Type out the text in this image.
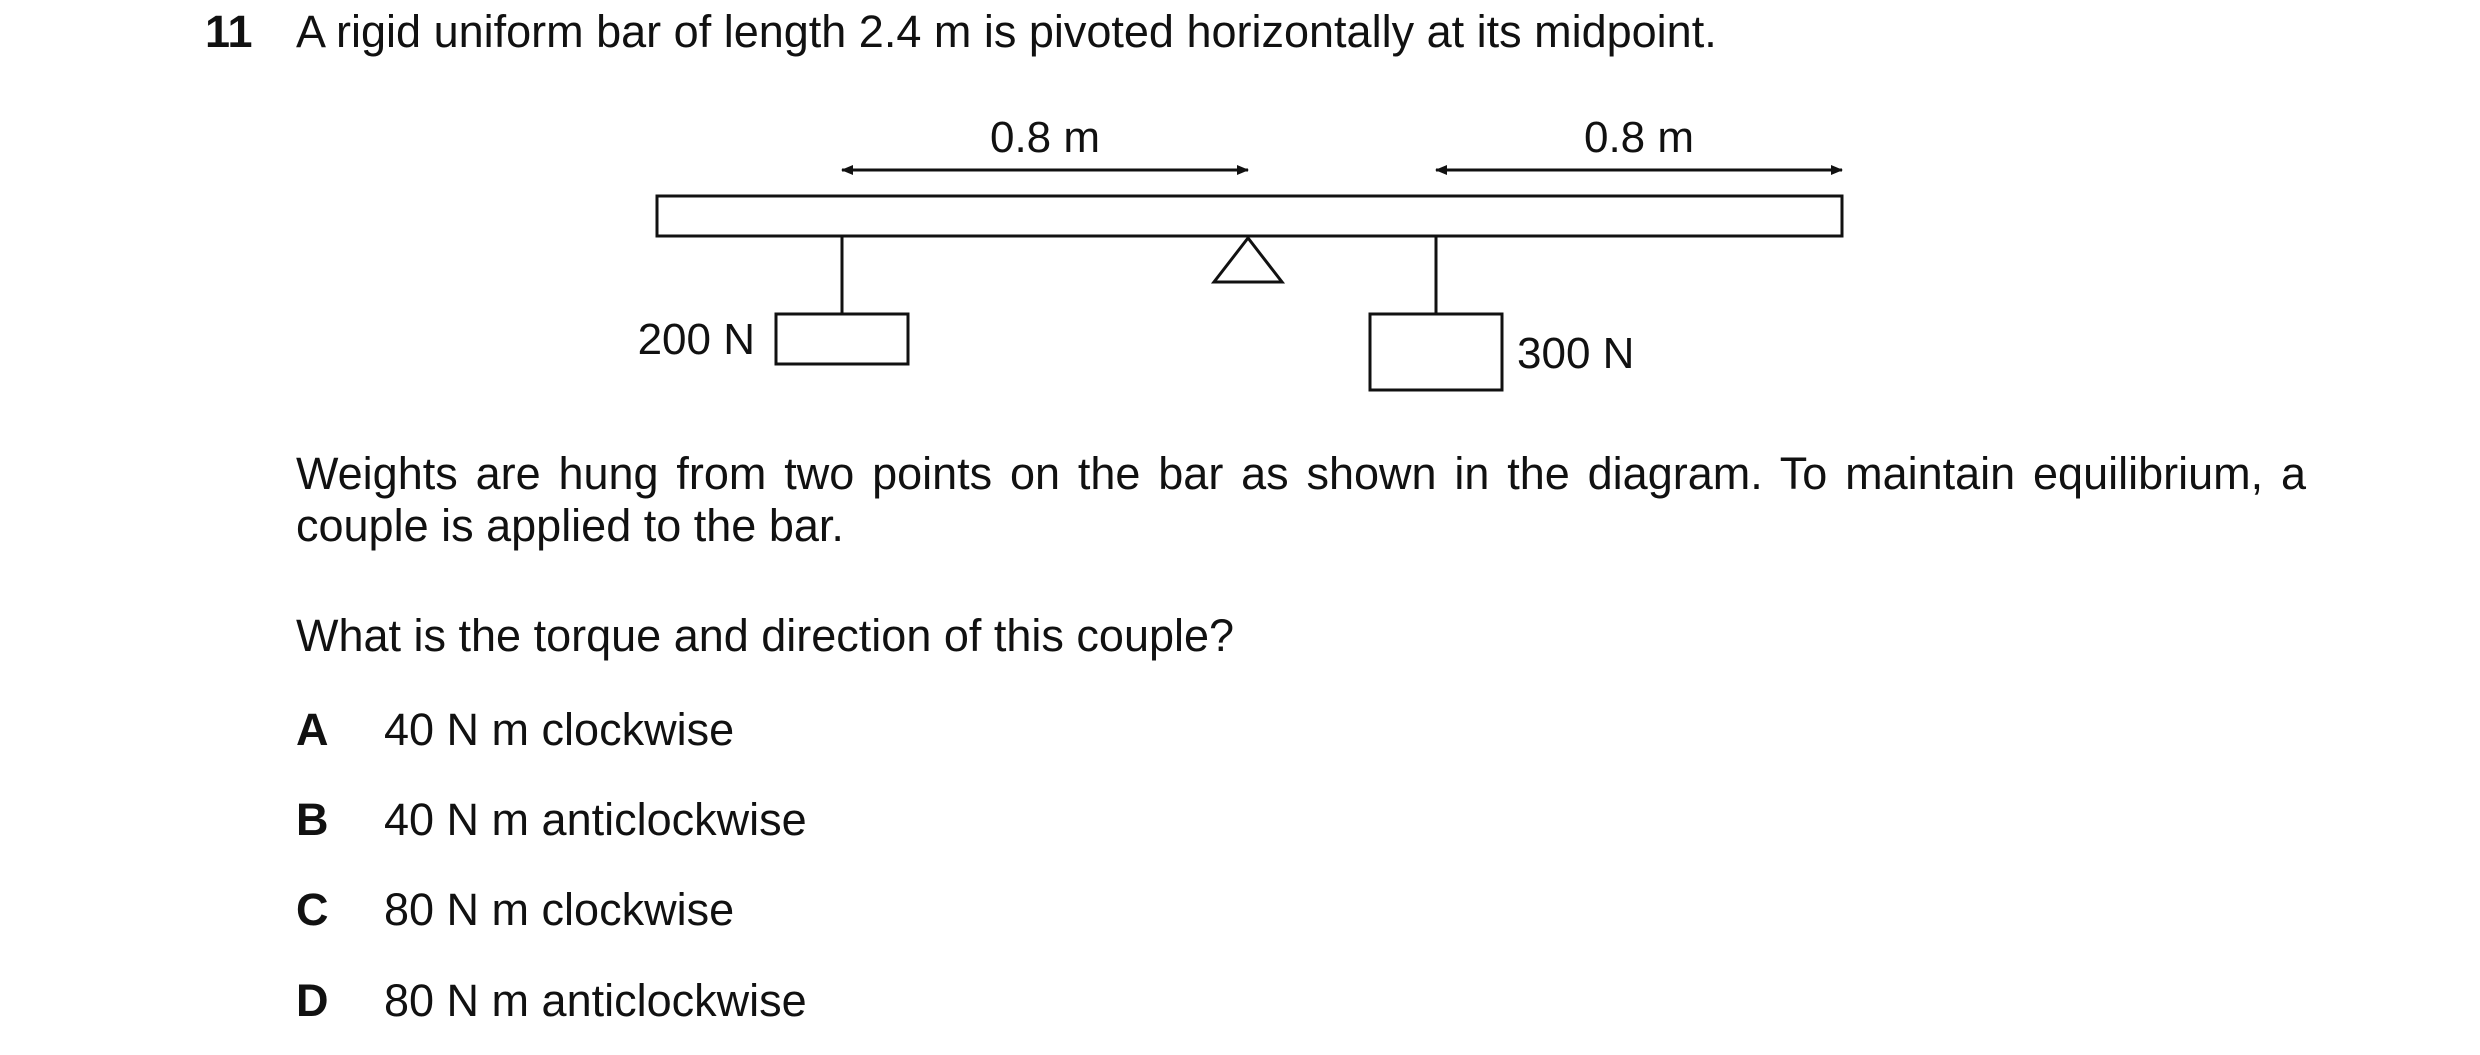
11 A rigid uniform bar of length 2.4 m is pivoted horizontally at its midpoint.
0.8 m	0.8 m
200 N	300 N
Weights are hung from two points on the bar as shown in the diagram. To maintain equilibrium, a couple is applied to the bar.
What is the torque and direction of this couple?
A 40 N m clockwise
B 40 N m anticlockwise
C 80 N m clockwise
D 80 N m anticlockwise
